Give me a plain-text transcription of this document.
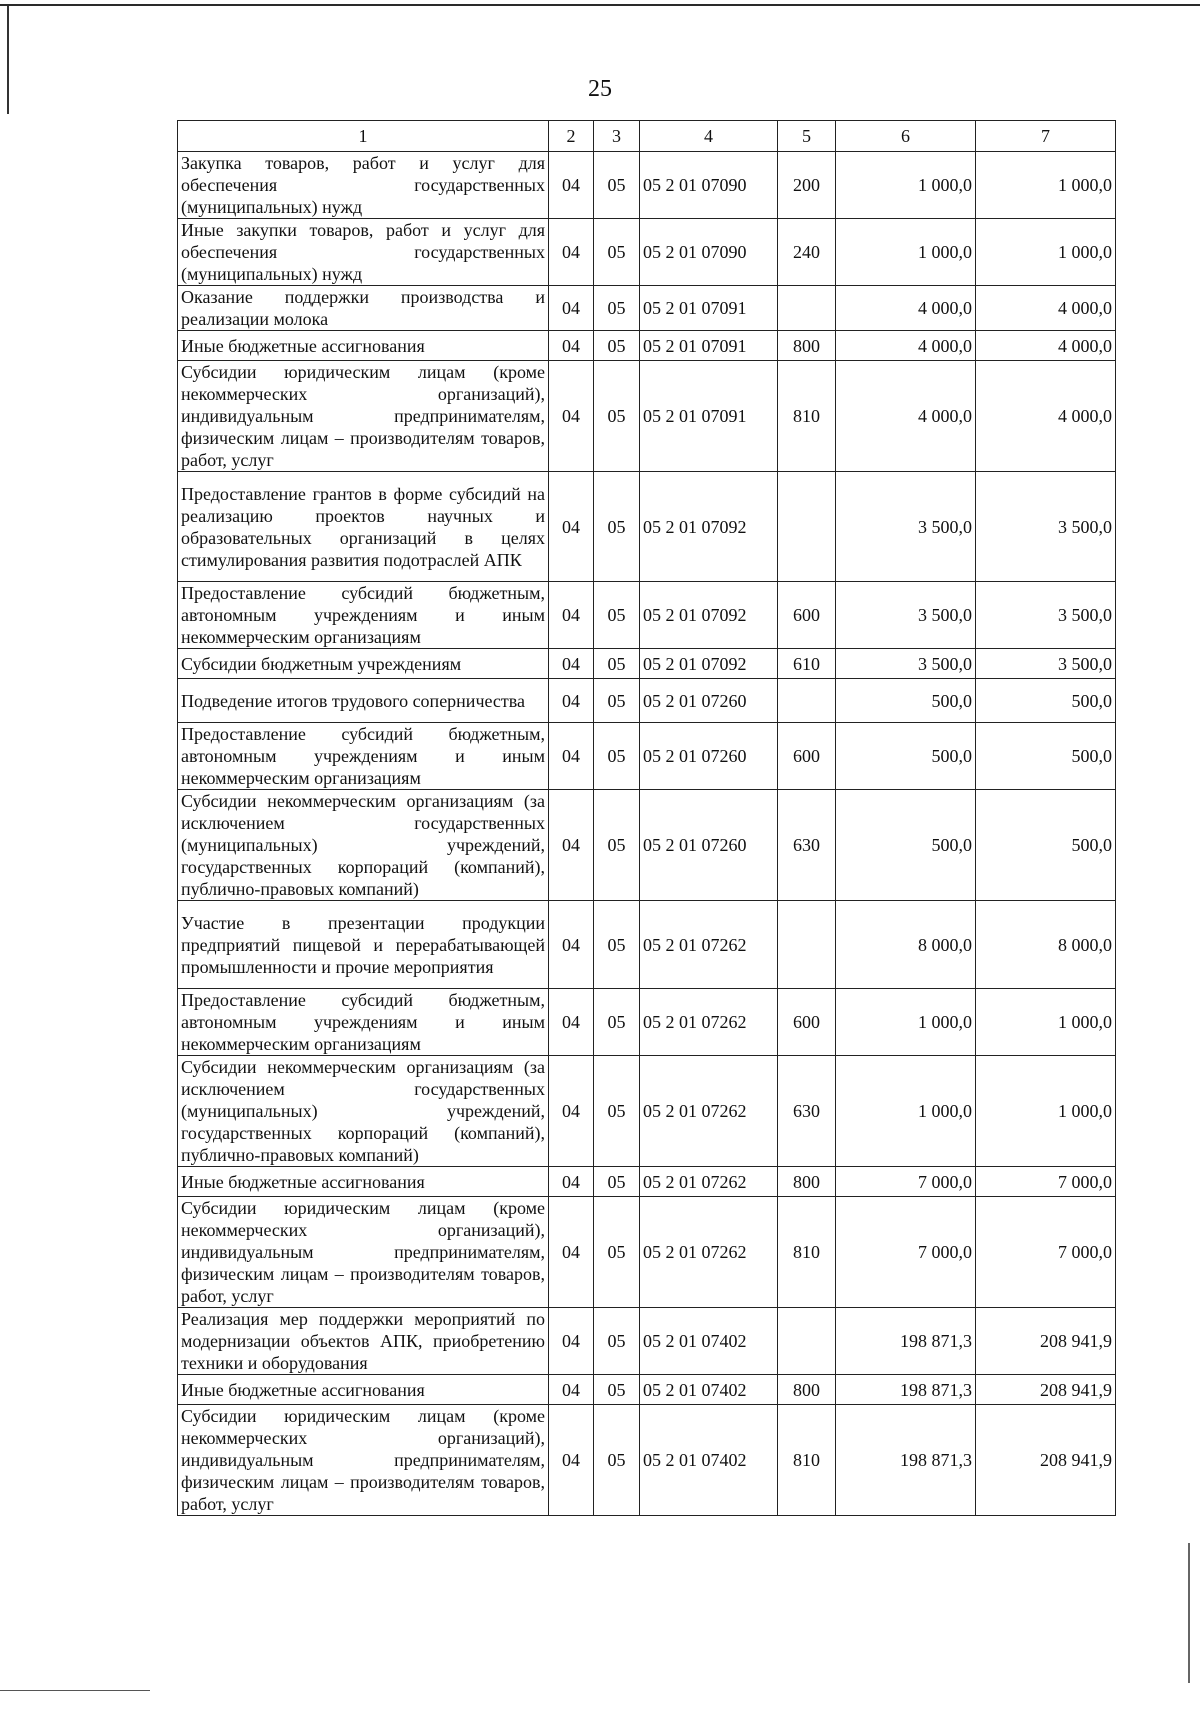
25
1	2	3	4	5	6	7
Закупка товаров, работ и услуг для обеспечения государственных (муниципальных) нужд	04	05	05 2 01 07090	200	1 000,0	1 000,0
Иные закупки товаров, работ и услуг для обеспечения государственных (муниципальных) нужд	04	05	05 2 01 07090	240	1 000,0	1 000,0
Оказание поддержки производства и реализации молока	04	05	05 2 01 07091		4 000,0	4 000,0
Иные бюджетные ассигнования	04	05	05 2 01 07091	800	4 000,0	4 000,0
Субсидии юридическим лицам (кроме некоммерческих организаций), индивидуальным предпринимателям, физическим лицам – производителям товаров, работ, услуг	04	05	05 2 01 07091	810	4 000,0	4 000,0
Предоставление грантов в форме субсидий на реализацию проектов научных и образовательных организаций в целях стимулирования развития подотраслей АПК	04	05	05 2 01 07092		3 500,0	3 500,0
Предоставление субсидий бюджетным, автономным учреждениям и иным некоммерческим организациям	04	05	05 2 01 07092	600	3 500,0	3 500,0
Субсидии бюджетным учреждениям	04	05	05 2 01 07092	610	3 500,0	3 500,0
Подведение итогов трудового соперничества	04	05	05 2 01 07260		500,0	500,0
Предоставление субсидий бюджетным, автономным учреждениям и иным некоммерческим организациям	04	05	05 2 01 07260	600	500,0	500,0
Субсидии некоммерческим организациям (за исключением государственных (муниципальных) учреждений, государственных корпораций (компаний), публично-правовых компаний)	04	05	05 2 01 07260	630	500,0	500,0
Участие в презентации продукции предприятий пищевой и перерабатывающей промышленности и прочие мероприятия	04	05	05 2 01 07262		8 000,0	8 000,0
Предоставление субсидий бюджетным, автономным учреждениям и иным некоммерческим организациям	04	05	05 2 01 07262	600	1 000,0	1 000,0
Субсидии некоммерческим организациям (за исключением государственных (муниципальных) учреждений, государственных корпораций (компаний), публично-правовых компаний)	04	05	05 2 01 07262	630	1 000,0	1 000,0
Иные бюджетные ассигнования	04	05	05 2 01 07262	800	7 000,0	7 000,0
Субсидии юридическим лицам (кроме некоммерческих организаций), индивидуальным предпринимателям, физическим лицам – производителям товаров, работ, услуг	04	05	05 2 01 07262	810	7 000,0	7 000,0
Реализация мер поддержки мероприятий по модернизации объектов АПК, приобретению техники и оборудования	04	05	05 2 01 07402		198 871,3	208 941,9
Иные бюджетные ассигнования	04	05	05 2 01 07402	800	198 871,3	208 941,9
Субсидии юридическим лицам (кроме некоммерческих организаций), индивидуальным предпринимателям, физическим лицам – производителям товаров, работ, услуг	04	05	05 2 01 07402	810	198 871,3	208 941,9
